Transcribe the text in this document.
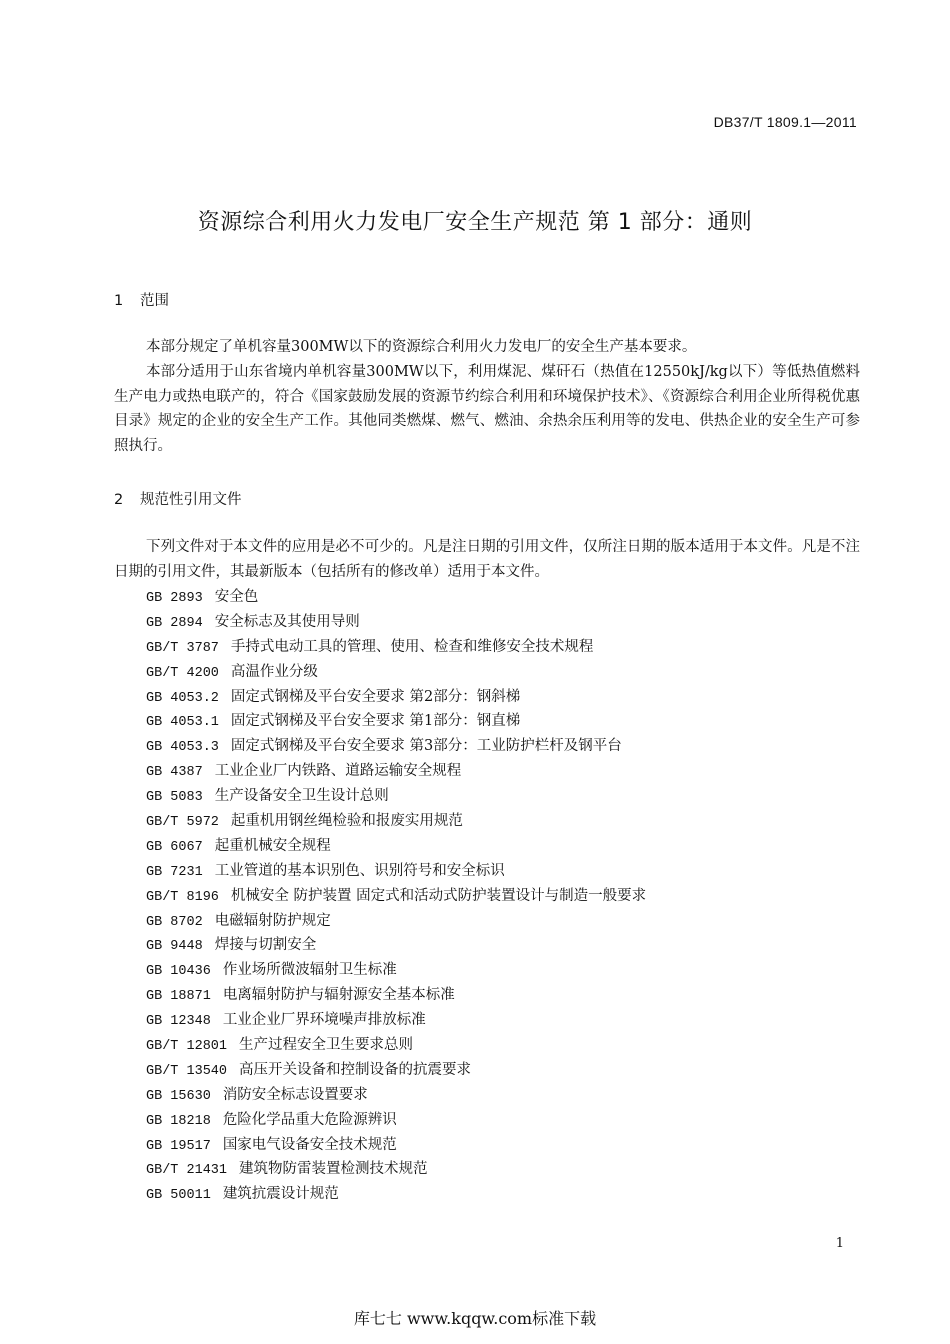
DB37/T 1809.1—2011
资源综合利用火力发电厂安全生产规范 第 1 部分：通则
1 范围
本部分规定了单机容量300MW以下的资源综合利用火力发电厂的安全生产基本要求。
本部分适用于山东省境内单机容量300MW以下，利用煤泥、煤矸石（热值在12550kJ/kg以下）等低热值燃料生产电力或热电联产的，符合《国家鼓励发展的资源节约综合利用和环境保护技术》、《资源综合利用企业所得税优惠目录》规定的企业的安全生产工作。其他同类燃煤、燃气、燃油、余热余压利用等的发电、供热企业的安全生产可参照执行。
2 规范性引用文件
下列文件对于本文件的应用是必不可少的。凡是注日期的引用文件，仅所注日期的版本适用于本文件。凡是不注日期的引用文件，其最新版本（包括所有的修改单）适用于本文件。
GB 2893 安全色
GB 2894 安全标志及其使用导则
GB/T 3787 手持式电动工具的管理、使用、检查和维修安全技术规程
GB/T 4200 高温作业分级
GB 4053.2 固定式钢梯及平台安全要求 第2部分：钢斜梯
GB 4053.1 固定式钢梯及平台安全要求 第1部分：钢直梯
GB 4053.3 固定式钢梯及平台安全要求 第3部分：工业防护栏杆及钢平台
GB 4387 工业企业厂内铁路、道路运输安全规程
GB 5083 生产设备安全卫生设计总则
GB/T 5972 起重机用钢丝绳检验和报废实用规范
GB 6067 起重机械安全规程
GB 7231 工业管道的基本识别色、识别符号和安全标识
GB/T 8196 机械安全 防护装置 固定式和活动式防护装置设计与制造一般要求
GB 8702 电磁辐射防护规定
GB 9448 焊接与切割安全
GB 10436 作业场所微波辐射卫生标准
GB 18871 电离辐射防护与辐射源安全基本标准
GB 12348 工业企业厂界环境噪声排放标准
GB/T 12801 生产过程安全卫生要求总则
GB/T 13540 高压开关设备和控制设备的抗震要求
GB 15630 消防安全标志设置要求
GB 18218 危险化学品重大危险源辨识
GB 19517 国家电气设备安全技术规范
GB/T 21431 建筑物防雷装置检测技术规范
GB 50011 建筑抗震设计规范
1
库七七 www.kqqw.com标准下载
